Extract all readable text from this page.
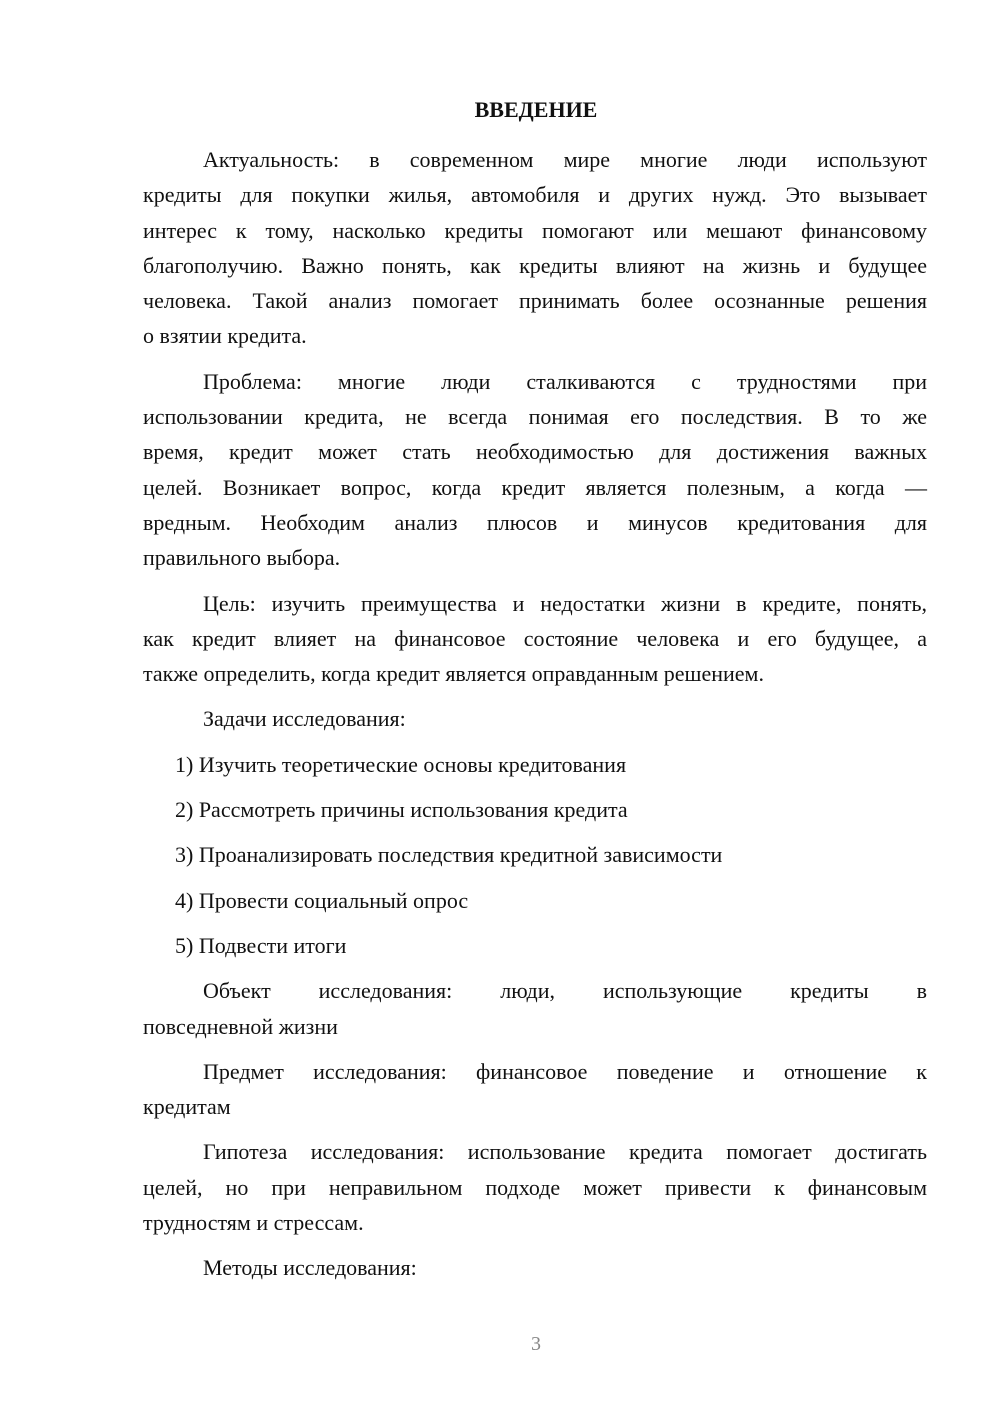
ВВЕДЕНИЕ
Актуальность: в современном мире многие люди используют
кредиты для покупки жилья, автомобиля и других нужд. Это вызывает
интерес к тому, насколько кредиты помогают или мешают финансовому
благополучию. Важно понять, как кредиты влияют на жизнь и будущее
человека. Такой анализ помогает принимать более осознанные решения
о взятии кредита.
Проблема: многие люди сталкиваются с трудностями при
использовании кредита, не всегда понимая его последствия. В то же
время, кредит может стать необходимостью для достижения важных
целей. Возникает вопрос, когда кредит является полезным, а когда —
вредным. Необходим анализ плюсов и минусов кредитования для
правильного выбора.
Цель: изучить преимущества и недостатки жизни в кредите, понять,
как кредит влияет на финансовое состояние человека и его будущее, а
также определить, когда кредит является оправданным решением.
Задачи исследования:
1) Изучить теоретические основы кредитования
2) Рассмотреть причины использования кредита
3) Проанализировать последствия кредитной зависимости
4) Провести социальный опрос
5) Подвести итоги
Объект исследования: люди, использующие кредиты в
повседневной жизни
Предмет исследования: финансовое поведение и отношение к
кредитам
Гипотеза исследования: использование кредита помогает достигать
целей, но при неправильном подходе может привести к финансовым
трудностям и стрессам.
Методы исследования:
3
